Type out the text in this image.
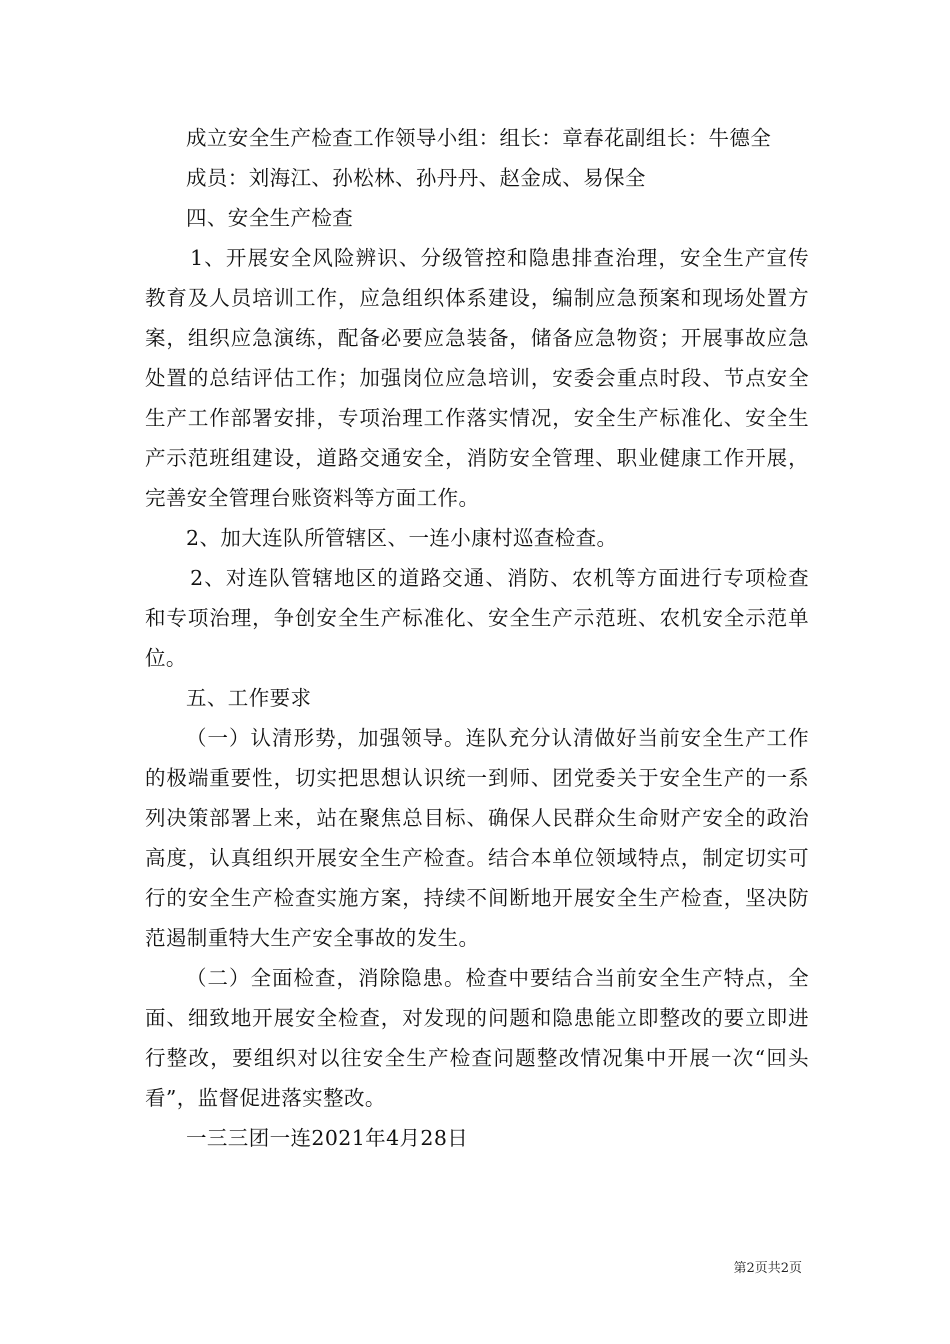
成立安全生产检查工作领导小组：组长：章春花副组长：牛德全

成员：刘海江、孙松林、孙丹丹、赵金成、易保全

四、安全生产检查

1、开展安全风险辨识、分级管控和隐患排查治理，安全生产宣传教育及人员培训工作，应急组织体系建设，编制应急预案和现场处置方案，组织应急演练，配备必要应急装备，储备应急物资；开展事故应急处置的总结评估工作；加强岗位应急培训，安委会重点时段、节点安全生产工作部署安排，专项治理工作落实情况，安全生产标准化、安全生产示范班组建设，道路交通安全，消防安全管理、职业健康工作开展，完善安全管理台账资料等方面工作。

2、加大连队所管辖区、一连小康村巡查检查。

2、对连队管辖地区的道路交通、消防、农机等方面进行专项检查和专项治理，争创安全生产标准化、安全生产示范班、农机安全示范单位。

五、工作要求

（一）认清形势，加强领导。连队充分认清做好当前安全生产工作的极端重要性，切实把思想认识统一到师、团党委关于安全生产的一系列决策部署上来，站在聚焦总目标、确保人民群众生命财产安全的政治高度，认真组织开展安全生产检查。结合本单位领域特点，制定切实可行的安全生产检查实施方案，持续不间断地开展安全生产检查，坚决防范遏制重特大生产安全事故的发生。

（二）全面检查，消除隐患。检查中要结合当前安全生产特点，全面、细致地开展安全检查，对发现的问题和隐患能立即整改的要立即进行整改，要组织对以往安全生产检查问题整改情况集中开展一次“回头看”，监督促进落实整改。

一三三团一连2021年4月28日

第2页共2页
